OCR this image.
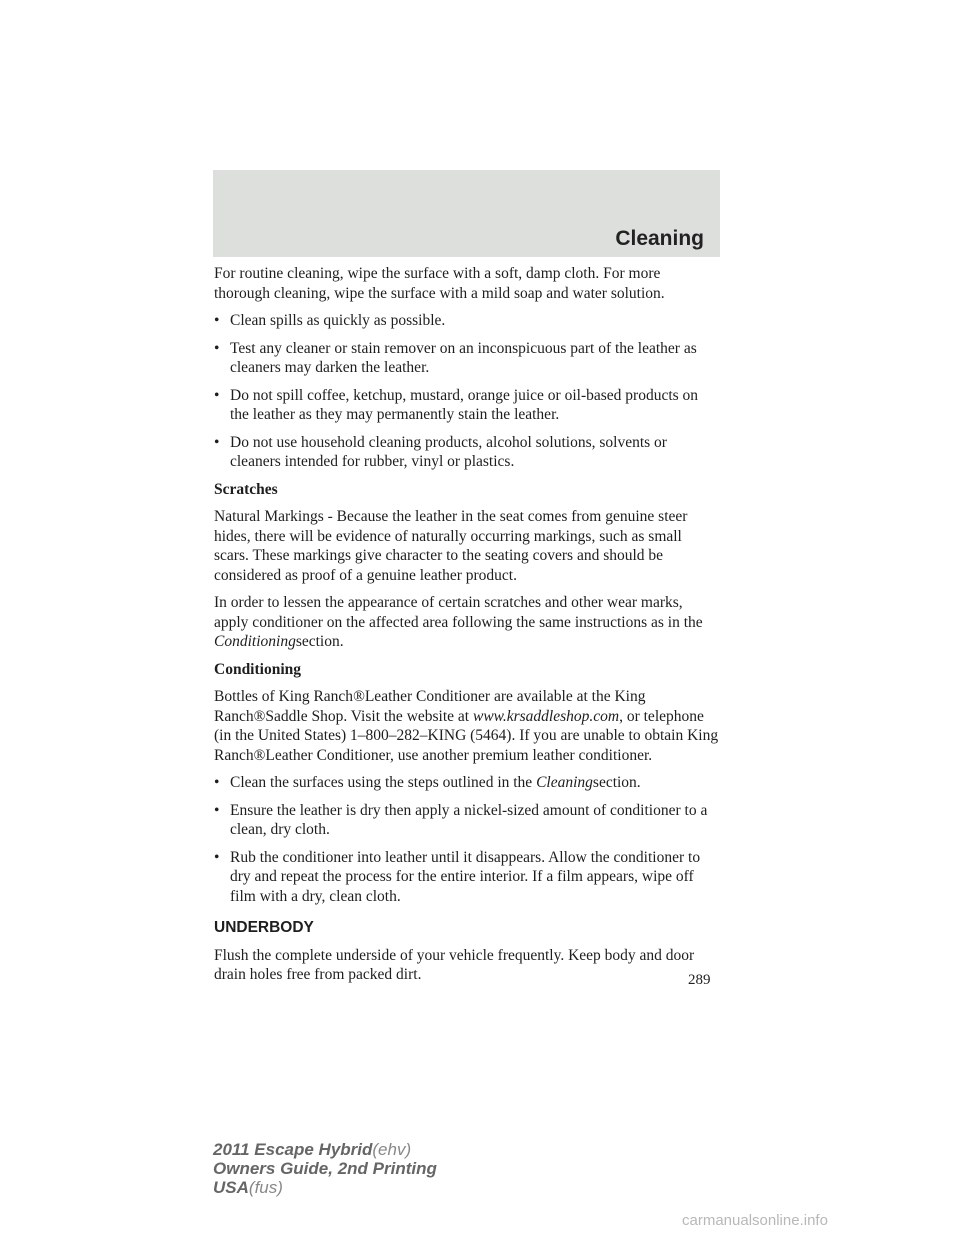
Cleaning

For routine cleaning, wipe the surface with a soft, damp cloth. For more thorough cleaning, wipe the surface with a mild soap and water solution.

• Clean spills as quickly as possible.
• Test any cleaner or stain remover on an inconspicuous part of the leather as cleaners may darken the leather.
• Do not spill coffee, ketchup, mustard, orange juice or oil-based products on the leather as they may permanently stain the leather.
• Do not use household cleaning products, alcohol solutions, solvents or cleaners intended for rubber, vinyl or plastics.
Scratches

Natural Markings - Because the leather in the seat comes from genuine steer hides, there will be evidence of naturally occurring markings, such as small scars. These markings give character to the seating covers and should be considered as proof of a genuine leather product.

In order to lessen the appearance of certain scratches and other wear marks, apply conditioner on the affected area following the same instructions as in the Conditioningsection.

Conditioning

Bottles of King Ranch®Leather Conditioner are available at the King Ranch®Saddle Shop. Visit the website at www.krsaddleshop.com, or telephone (in the United States) 1–800–282–KING (5464). If you are unable to obtain King Ranch®Leather Conditioner, use another premium leather conditioner.

• Clean the surfaces using the steps outlined in the Cleaningsection.
• Ensure the leather is dry then apply a nickel-sized amount of conditioner to a clean, dry cloth.
• Rub the conditioner into leather until it disappears. Allow the conditioner to dry and repeat the process for the entire interior. If a film appears, wipe off film with a dry, clean cloth.
UNDERBODY

Flush the complete underside of your vehicle frequently. Keep body and door drain holes free from packed dirt.	289
2011 Escape Hybrid(ehv)
Owners Guide, 2nd Printing
USA(fus)
carmanualsonline.info
